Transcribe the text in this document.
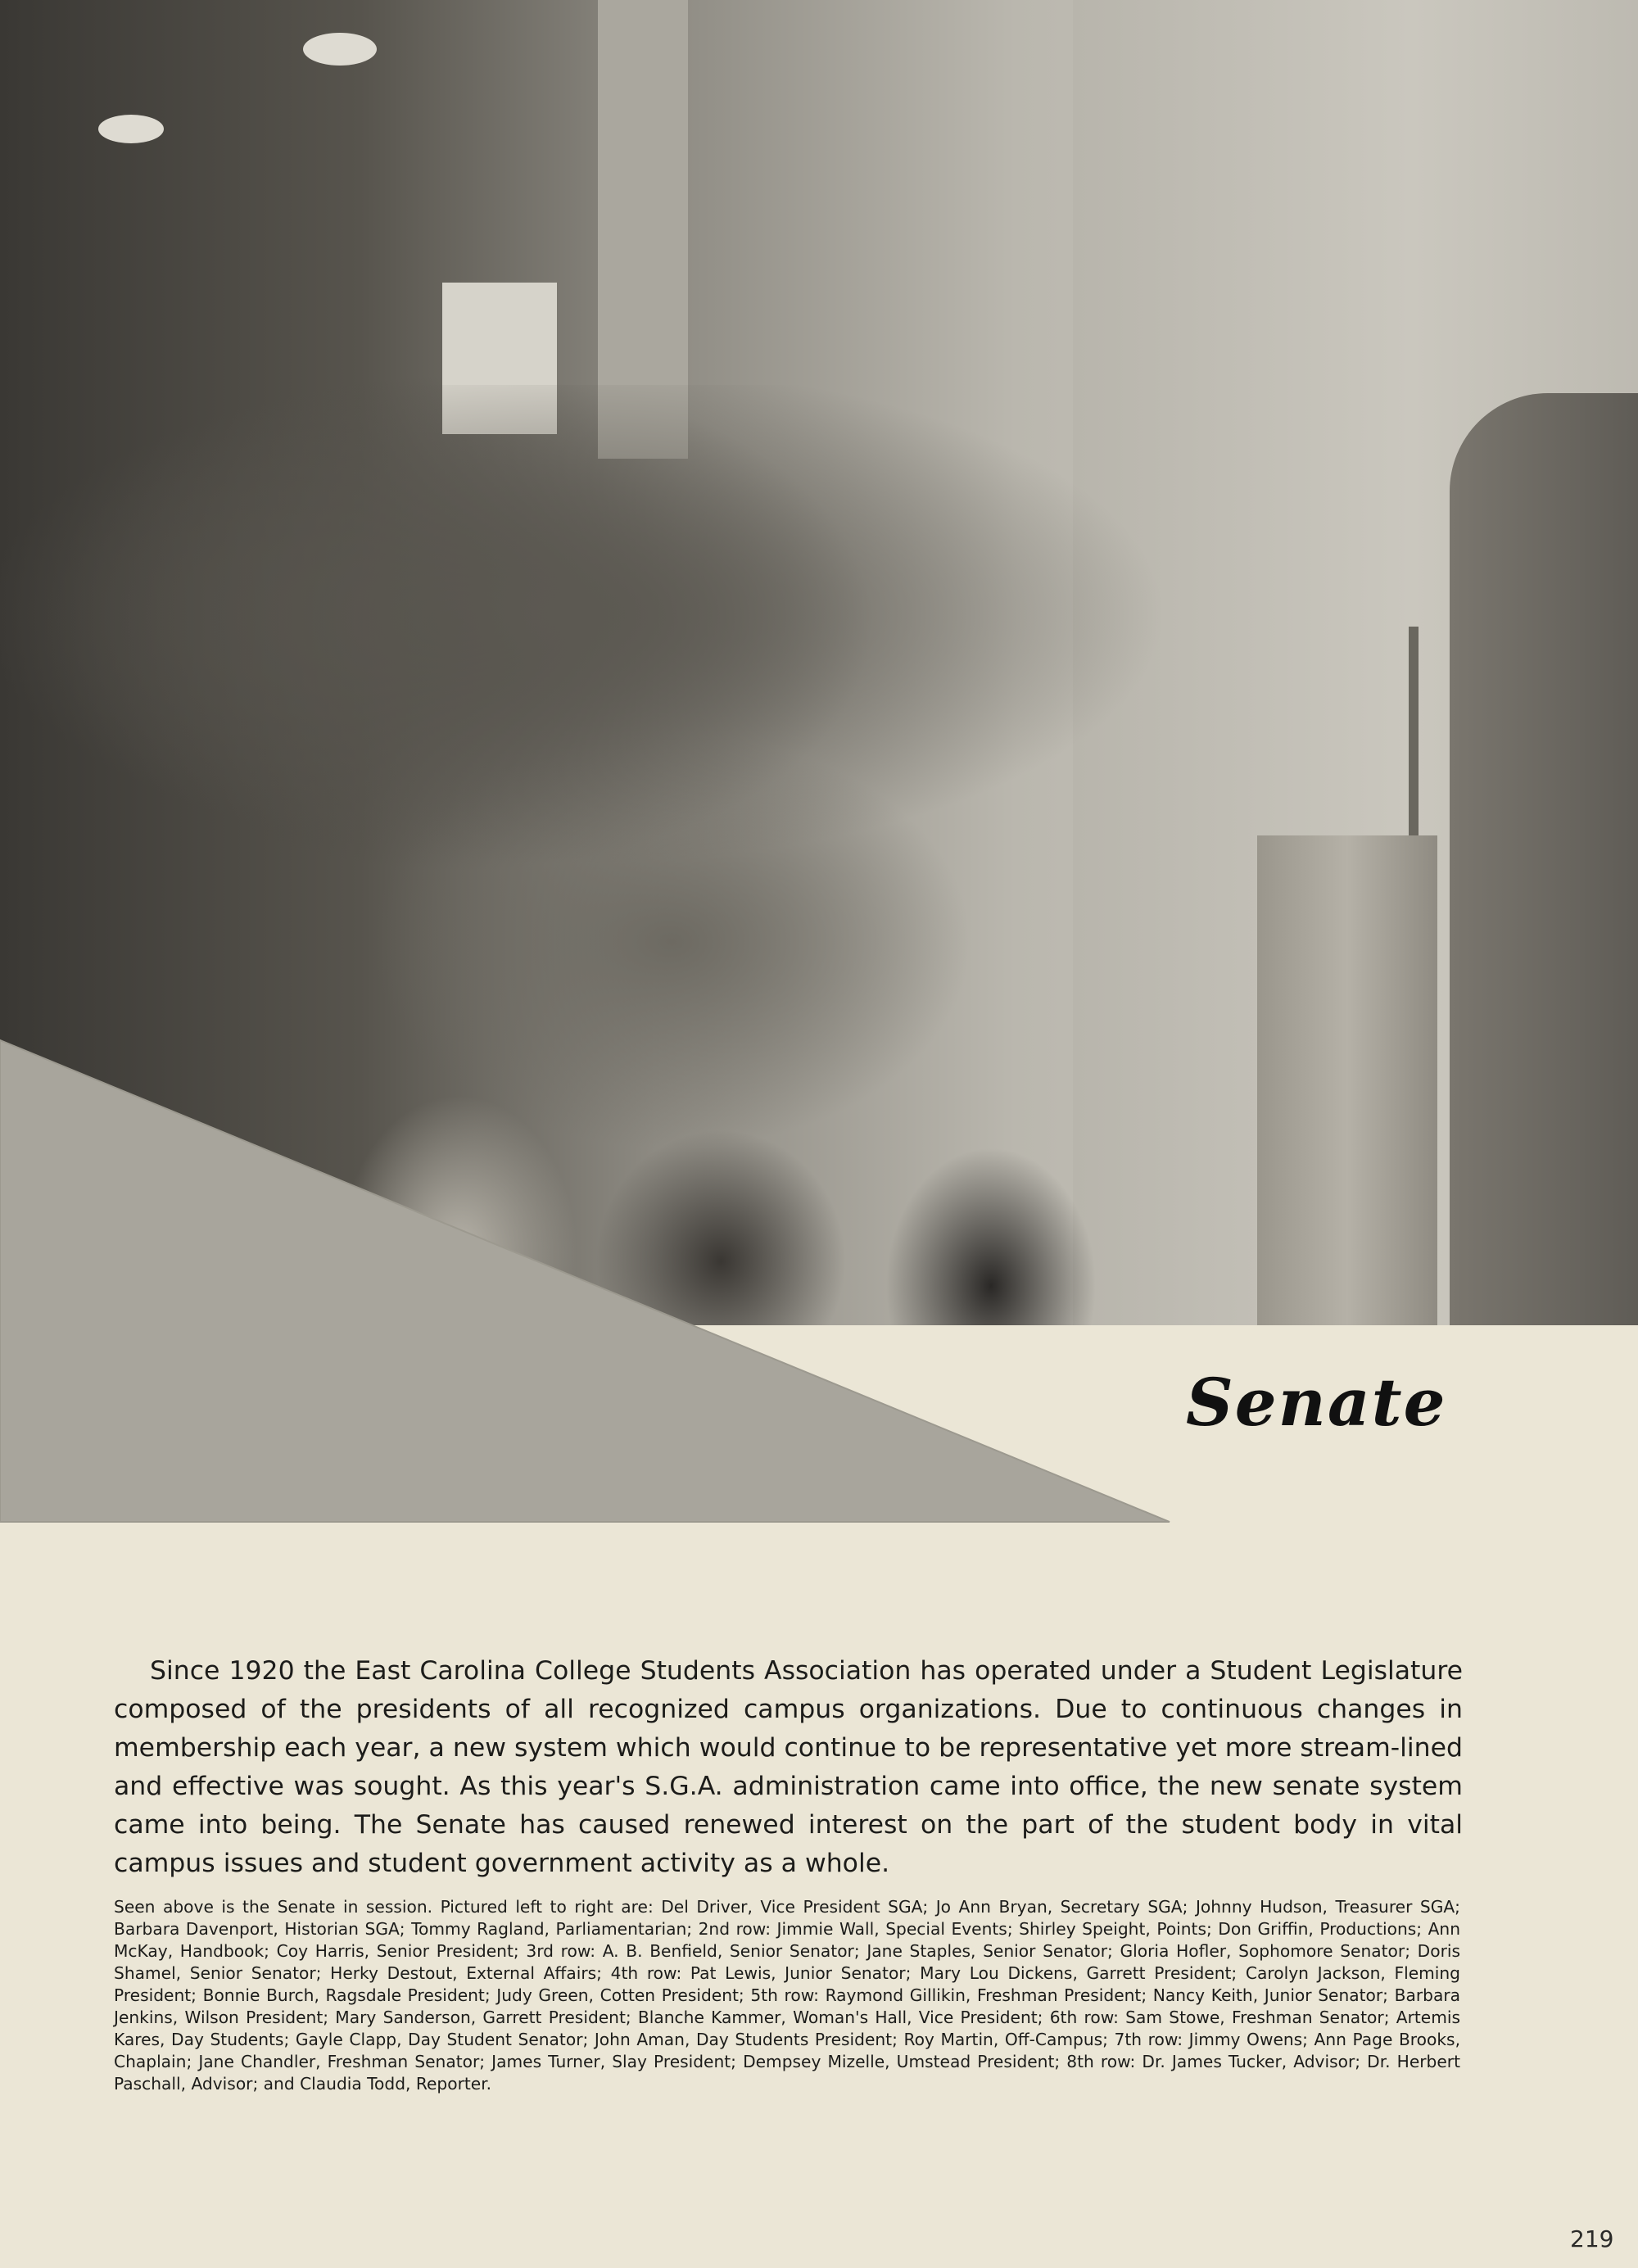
Senate

Since 1920 the East Carolina College Students Association has operated under a Student Legislature composed of the presidents of all recognized campus organizations. Due to continuous changes in membership each year, a new system which would continue to be representative yet more stream-lined and effective was sought. As this year's S.G.A. administration came into office, the new senate system came into being. The Senate has caused renewed interest on the part of the student body in vital campus issues and student government activity as a whole.

Seen above is the Senate in session. Pictured left to right are: Del Driver, Vice President SGA; Jo Ann Bryan, Secretary SGA; Johnny Hudson, Treasurer SGA; Barbara Davenport, Historian SGA; Tommy Ragland, Parliamentarian; 2nd row: Jimmie Wall, Special Events; Shirley Speight, Points; Don Griffin, Productions; Ann McKay, Handbook; Coy Harris, Senior President; 3rd row: A. B. Benfield, Senior Senator; Jane Staples, Senior Senator; Gloria Hofler, Sophomore Senator; Doris Shamel, Senior Senator; Herky Destout, External Affairs; 4th row: Pat Lewis, Junior Senator; Mary Lou Dickens, Garrett President; Carolyn Jackson, Fleming President; Bonnie Burch, Ragsdale President; Judy Green, Cotten President; 5th row: Raymond Gillikin, Freshman President; Nancy Keith, Junior Senator; Barbara Jenkins, Wilson President; Mary Sanderson, Garrett President; Blanche Kammer, Woman's Hall, Vice President; 6th row: Sam Stowe, Freshman Senator; Artemis Kares, Day Students; Gayle Clapp, Day Student Senator; John Aman, Day Students President; Roy Martin, Off-Campus; 7th row: Jimmy Owens; Ann Page Brooks, Chaplain; Jane Chandler, Freshman Senator; James Turner, Slay President; Dempsey Mizelle, Umstead President; 8th row: Dr. James Tucker, Advisor; Dr. Herbert Paschall, Advisor; and Claudia Todd, Reporter.

219
